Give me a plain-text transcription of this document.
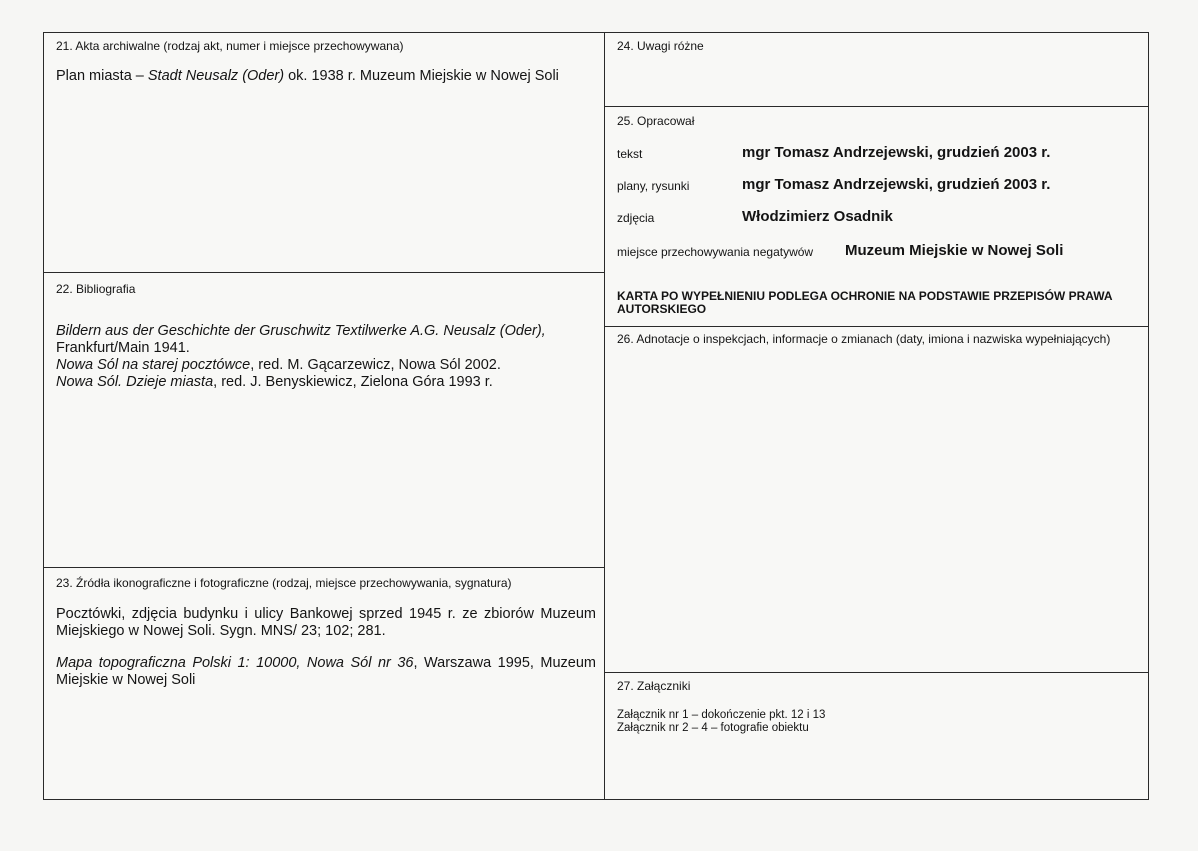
21. Akta archiwalne (rodzaj akt, numer i miejsce przechowywana)
Plan miasta – Stadt Neusalz (Oder) ok. 1938 r. Muzeum Miejskie w Nowej Soli
22. Bibliografia

Bildern aus der Geschichte der Gruschwitz Textilwerke A.G. Neusalz (Oder),
Frankfurt/Main 1941.

Nowa Sól na starej pocztówce, red. M. Gącarzewicz, Nowa Sól 2002.

Nowa Sól. Dzieje miasta, red. J. Benyskiewicz, Zielona Góra 1993 r.

23. Źródła ikonograficzne i fotograficzne (rodzaj, miejsce przechowywania, sygnatura)
Pocztówki, zdjęcia budynku i ulicy Bankowej sprzed 1945 r. ze zbiorów Muzeum Miejskiego w Nowej Soli. Sygn. MNS/ 23; 102; 281.
Mapa topograficzna Polski 1: 10000, Nowa Sól nr 36, Warszawa 1995, Muzeum Miejskie w Nowej Soli
24. Uwagi różne
25. Opracował
tekst	mgr Tomasz Andrzejewski, grudzień 2003 r.
plany, rysunki	mgr Tomasz Andrzejewski, grudzień 2003 r.
zdjęcia	Włodzimierz Osadnik
miejsce przechowywania negatywów Muzeum Miejskie w Nowej Soli
KARTA PO WYPEŁNIENIU PODLEGA OCHRONIE NA PODSTAWIE PRZEPISÓW PRAWA AUTORSKIEGO
26. Adnotacje o inspekcjach, informacje o zmianach (daty, imiona i nazwiska wypełniających)
27. Załączniki
Załącznik nr 1 – dokończenie pkt. 12 i 13
Załącznik nr 2 – 4 – fotografie obiektu
